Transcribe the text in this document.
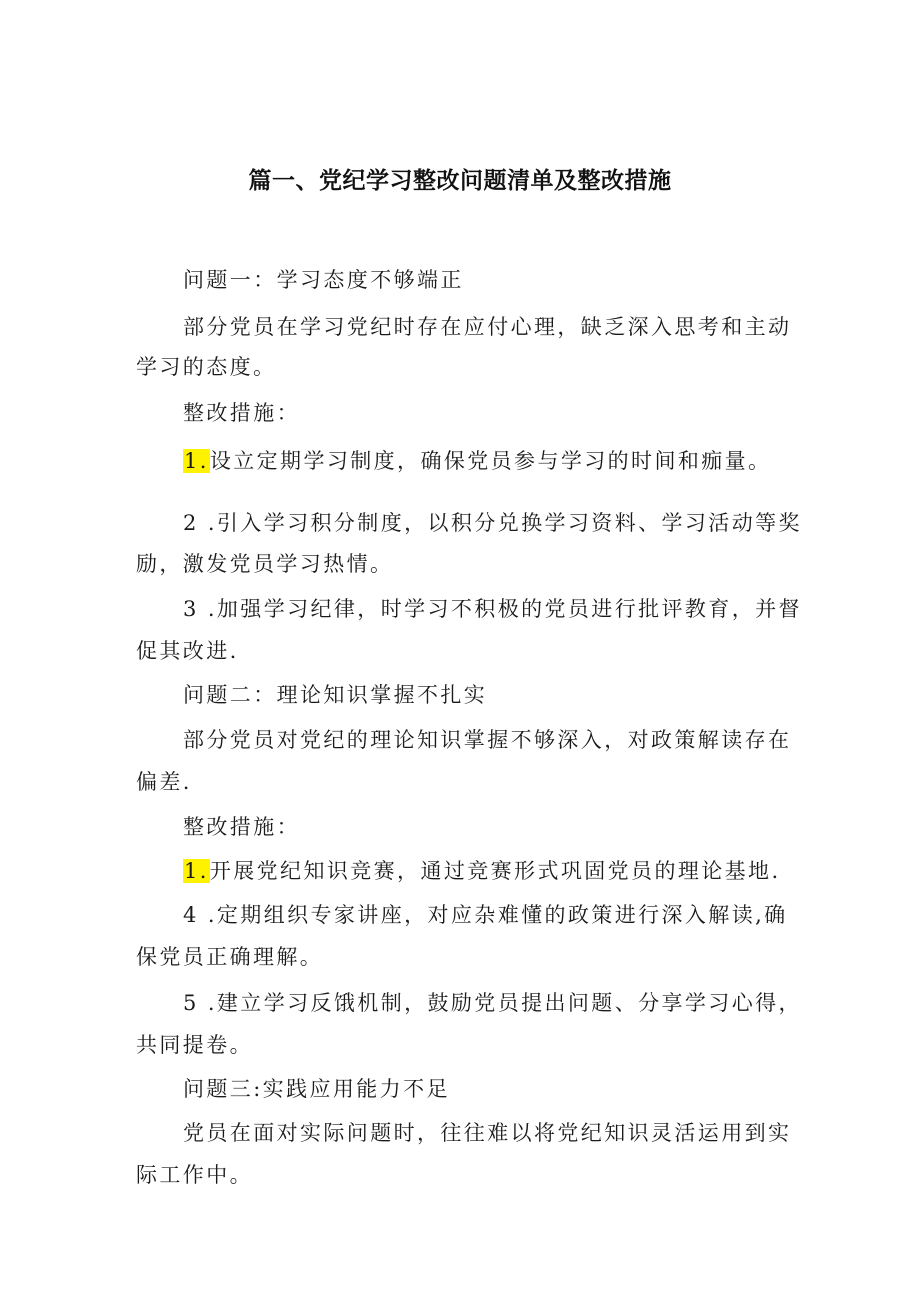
篇一、党纪学习整改问题清单及整改措施
问题一：学习态度不够端正
部分党员在学习党纪时存在应付心理，缺乏深入思考和主动
学习的态度。
整改措施：
1.设立定期学习制度，确保党员参与学习的时间和痂量。
2 .引入学习积分制度，以积分兑换学习资料、学习活动等奖
励，激发党员学习热情。
3 .加强学习纪律，时学习不积极的党员进行批评教育，并督
促其改进.
问题二：理论知识掌握不扎实
部分党员对党纪的理论知识掌握不够深入，对政策解读存在
偏差.
整改措施：
1.开展党纪知识竞赛，通过竞赛形式巩固党员的理论基地.
4 .定期组织专家讲座，对应杂难懂的政策进行深入解读,确
保党员正确理解。
5 .建立学习反饿机制，鼓励党员提出问题、分享学习心得，
共同提卷。
问题三:实践应用能力不足
党员在面对实际问题时，往往难以将党纪知识灵活运用到实
际工作中。
